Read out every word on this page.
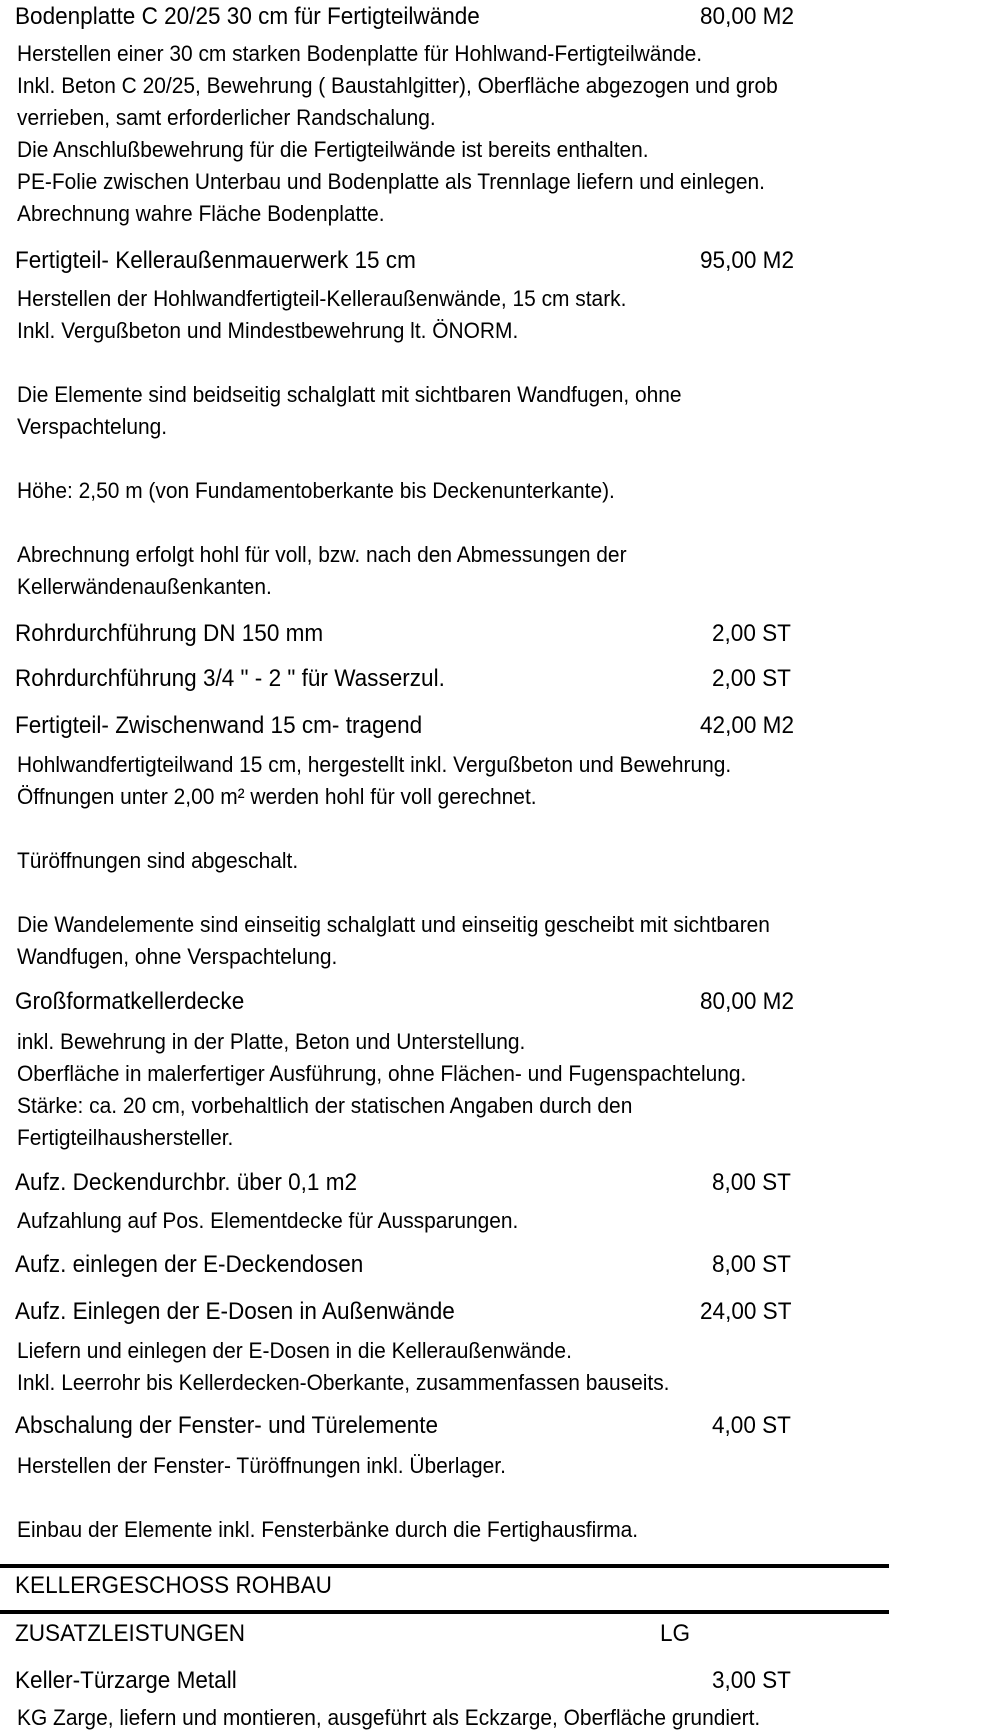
Bodenplatte C 20/25 30 cm für Fertigteilwände	80,00 M2
Herstellen einer 30 cm starken Bodenplatte für Hohlwand-Fertigteilwände.
Inkl. Beton C 20/25, Bewehrung ( Baustahlgitter), Oberfläche abgezogen und grob
verrieben, samt erforderlicher Randschalung.
Die Anschlußbewehrung für die Fertigteilwände ist bereits enthalten.
PE-Folie zwischen Unterbau und Bodenplatte als Trennlage liefern und einlegen.
Abrechnung wahre Fläche Bodenplatte.
Fertigteil- Kelleraußenmauerwerk 15 cm	95,00 M2
Herstellen der Hohlwandfertigteil-Kelleraußenwände, 15 cm stark.
Inkl. Vergußbeton und Mindestbewehrung lt. ÖNORM.
Die Elemente sind beidseitig schalglatt mit sichtbaren Wandfugen, ohne
Verspachtelung.
Höhe: 2,50 m (von Fundamentoberkante bis Deckenunterkante).
Abrechnung erfolgt hohl für voll, bzw. nach den Abmessungen der
Kellerwändenaußenkanten.
Rohrdurchführung DN 150 mm	2,00 ST
Rohrdurchführung 3/4 " - 2 " für Wasserzul.	2,00 ST
Fertigteil- Zwischenwand 15 cm- tragend	42,00 M2
Hohlwandfertigteilwand 15 cm, hergestellt inkl. Vergußbeton und Bewehrung.
Öffnungen unter 2,00 m² werden hohl für voll gerechnet.
Türöffnungen sind abgeschalt.
Die Wandelemente sind einseitig schalglatt und einseitig gescheibt mit sichtbaren
Wandfugen, ohne Verspachtelung.
Großformatkellerdecke	80,00 M2
inkl. Bewehrung in der Platte, Beton und Unterstellung.
Oberfläche in malerfertiger Ausführung, ohne Flächen- und Fugenspachtelung.
Stärke: ca. 20 cm, vorbehaltlich der statischen Angaben durch den
Fertigteilhaushersteller.
Aufz. Deckendurchbr. über 0,1 m2	8,00 ST
Aufzahlung auf Pos. Elementdecke für Aussparungen.
Aufz. einlegen der E-Deckendosen	8,00 ST
Aufz. Einlegen der E-Dosen in Außenwände	24,00 ST
Liefern und einlegen der E-Dosen in die Kelleraußenwände.
Inkl. Leerrohr bis Kellerdecken-Oberkante, zusammenfassen bauseits.
Abschalung der Fenster- und Türelemente	4,00 ST
Herstellen der Fenster- Türöffnungen inkl. Überlager.
Einbau der Elemente inkl. Fensterbänke durch die Fertighausfirma.
KELLERGESCHOSS ROHBAU
ZUSATZLEISTUNGEN	LG
Keller-Türzarge Metall	3,00 ST
KG Zarge, liefern und montieren, ausgeführt als Eckzarge, Oberfläche grundiert.
